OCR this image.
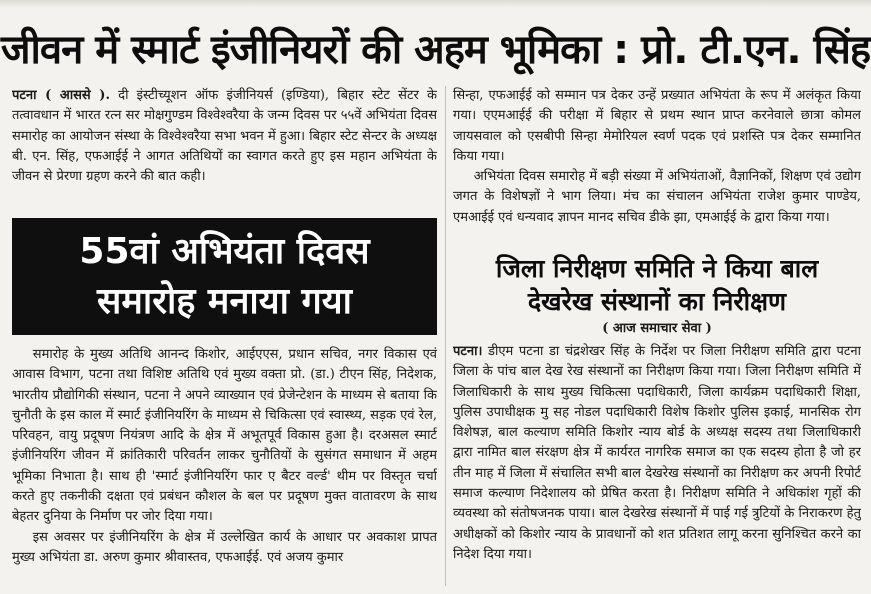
जीवन में स्मार्ट इंजीनियरों की अहम भूमिका : प्रो. टी.एन. सिंह

पटना ( आससे ). दी इंस्टीच्यूशन ऑफ इंजीनियर्स (इण्डिया), बिहार स्टेट सेंटर के तत्वावधान में भारत रत्न सर मोक्षगुण्डम विश्वेश्वरैया के जन्म दिवस पर ५५वें अभियंता दिवस समारोह का आयोजन संस्था के विश्वेश्वरैया सभा भवन में हुआ। बिहार स्टेट सेन्टर के अध्यक्ष बी. एन. सिंह, एफआईई ने आगत अतिथियों का स्वागत करते हुए इस महान अभियंता के जीवन से प्रेरणा ग्रहण करने की बात कही।

55वां अभियंता दिवस
समारोह मनाया गया

समारोह के मुख्य अतिथि आनन्द किशोर, आईएएस, प्रधान सचिव, नगर विकास एवं आवास विभाग, पटना तथा विशिष्ट अतिथि एवं मुख्य वक्ता प्रो. (डा.) टीएन सिंह, निदेशक, भारतीय प्रौद्योगिकी संस्थान, पटना ने अपने व्याख्यान एवं प्रेजेन्टेशन के माध्यम से बताया कि चुनौती के इस काल में स्मार्ट इंजीनियरिंग के माध्यम से चिकित्सा एवं स्वास्थ्य, सड़क एवं रेल, परिवहन, वायु प्रदूषण नियंत्रण आदि के क्षेत्र में अभूतपूर्व विकास हुआ है। दरअसल स्मार्ट इंजीनियरिंग जीवन में क्रांतिकारी परिवर्तन लाकर चुनौतियों के सुसंगत समाधान में अहम भूमिका निभाता है। साथ ही 'स्मार्ट इंजीनियरिंग फार ए बैटर वर्ल्ड' थीम पर विस्तृत चर्चा करते हुए तकनीकी दक्षता एवं प्रबंधन कौशल के बल पर प्रदूषण मुक्त वातावरण के साथ बेहतर दुनिया के निर्माण पर जोर दिया गया।

इस अवसर पर इंजीनियरिंग के क्षेत्र में उल्लेखित कार्य के आधार पर अवकाश प्रापत मुख्य अभियंता डा. अरुण कुमार श्रीवास्तव, एफआईई. एवं अजय कुमार

सिन्हा, एफआईई को सम्मान पत्र देकर उन्हें प्रख्यात अभियंता के रूप में अलंकृत किया गया। एएमआईई की परीक्षा में बिहार से प्रथम स्थान प्राप्त करनेवाले छात्रा कोमल जायसवाल को एसबीपी सिन्हा मेमोरियल स्वर्ण पदक एवं प्रशस्ति पत्र देकर सम्मानित किया गया।

अभियंता दिवस समारोह में बड़ी संख्या में अभियंताओं, वैज्ञानिकों, शिक्षण एवं उद्योग जगत के विशेषज्ञों ने भाग लिया। मंच का संचालन अभियंता राजेश कुमार पाण्डेय, एमआईई एवं धन्यवाद ज्ञापन मानद सचिव डीके झा, एमआईई के द्वारा किया गया।

जिला निरीक्षण समिति ने किया बाल
देखरेख संस्थानों का निरीक्षण
( आज समाचार सेवा )

पटना। डीएम पटना डा चंद्रशेखर सिंह के निर्देश पर जिला निरीक्षण समिति द्वारा पटना जिला के पांच बाल देख रेख संस्थानों का निरीक्षण किया गया। जिला निरीक्षण समिति में जिलाधिकारी के साथ मुख्य चिकित्सा पदाधिकारी, जिला कार्यक्रम पदाधिकारी शिक्षा, पुलिस उपाधीक्षक मु सह नोडल पदाधिकारी विशेष किशोर पुलिस इकाई, मानसिक रोग विशेषज्ञ, बाल कल्याण समिति किशोर न्याय बोर्ड के अध्यक्ष सदस्य तथा जिलाधिकारी द्वारा नामित बाल संरक्षण क्षेत्र में कार्यरत नागरिक समाज का एक सदस्य होता है जो हर तीन माह में जिला में संचालित सभी बाल देखरेख संस्थानों का निरीक्षण कर अपनी रिपोर्ट समाज कल्याण निदेशालय को प्रेषित करता है। निरीक्षण समिति ने अधिकांश गृहों की व्यवस्था को संतोषजनक पाया। बाल देखरेख संस्थानों में पाई गई त्रुटियों के निराकरण हेतु अधीक्षकों को किशोर न्याय के प्रावधानों को शत प्रतिशत लागू करना सुनिश्चित करने का निदेश दिया गया।
